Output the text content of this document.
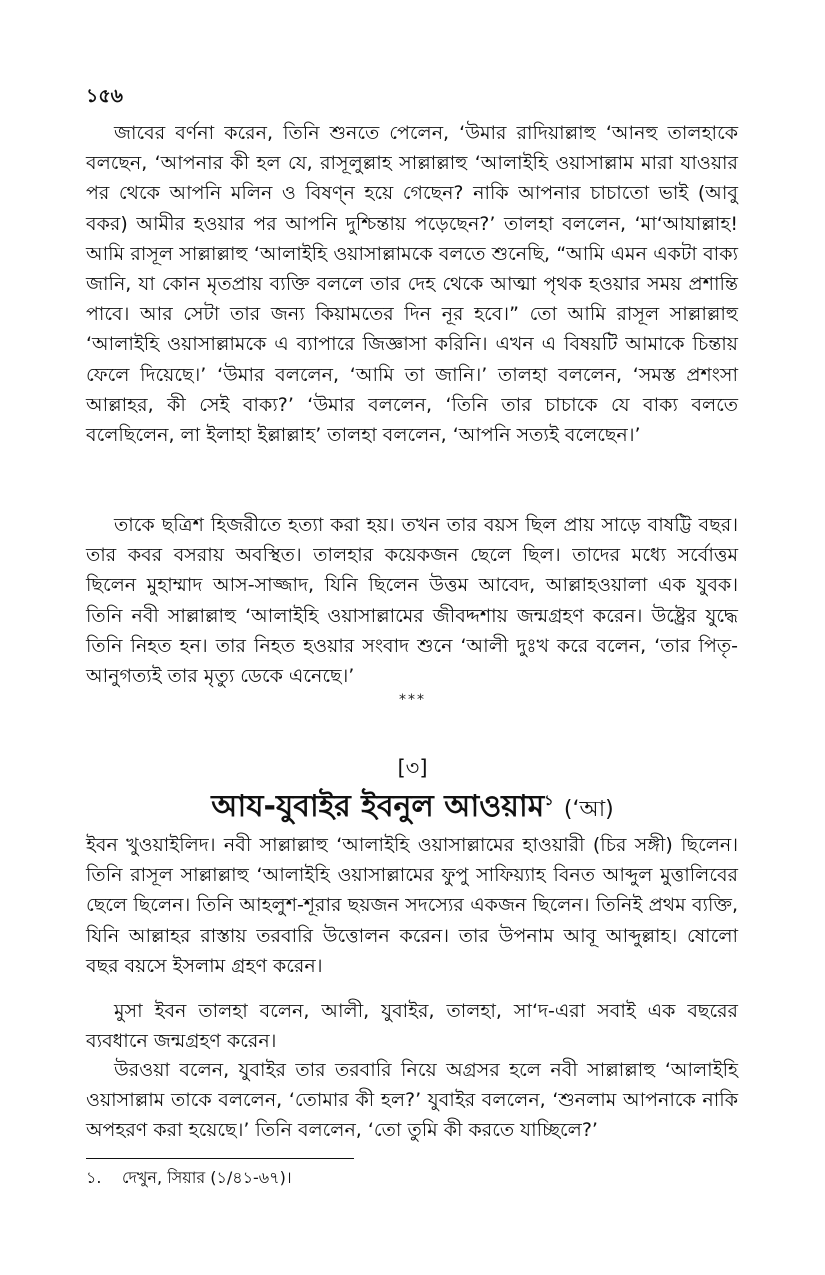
১৫৬

জাবের বর্ণনা করেন, তিনি শুনতে পেলেন, ‘উমার রাদিয়াল্লাহু ‘আনহু তালহাকে বলছেন, ‘আপনার কী হল যে, রাসূলুল্লাহ সাল্লাল্লাহু ‘আলাইহি ওয়াসাল্লাম মারা যাওয়ার পর থেকে আপনি মলিন ও বিষণ্ন হয়ে গেছেন? নাকি আপনার চাচাতো ভাই (আবু বকর) আমীর হওয়ার পর আপনি দুশ্চিন্তায় পড়েছেন?’ তালহা বললেন, ‘মা‘আযাল্লাহ! আমি রাসূল সাল্লাল্লাহু ‘আলাইহি ওয়াসাল্লামকে বলতে শুনেছি, “আমি এমন একটা বাক্য জানি, যা কোন মৃতপ্রায় ব্যক্তি বললে তার দেহ থেকে আত্মা পৃথক হওয়ার সময় প্রশান্তি পাবে। আর সেটা তার জন্য কিয়ামতের দিন নূর হবে।” তো আমি রাসূল সাল্লাল্লাহু ‘আলাইহি ওয়াসাল্লামকে এ ব্যাপারে জিজ্ঞাসা করিনি। এখন এ বিষয়টি আমাকে চিন্তায় ফেলে দিয়েছে।’ ‘উমার বললেন, ‘আমি তা জানি।’ তালহা বললেন, ‘সমস্ত প্রশংসা আল্লাহর, কী সেই বাক্য?’ ‘উমার বললেন, ‘তিনি তার চাচাকে যে বাক্য বলতে বলেছিলেন, লা ইলাহা ইল্লাল্লাহ’ তালহা বললেন, ‘আপনি সত্যই বলেছেন।’

তাকে ছত্রিশ হিজরীতে হত্যা করা হয়। তখন তার বয়স ছিল প্রায় সাড়ে বাষট্টি বছর। তার কবর বসরায় অবস্থিত। তালহার কয়েকজন ছেলে ছিল। তাদের মধ্যে সর্বোত্তম ছিলেন মুহাম্মাদ আস-সাজ্জাদ, যিনি ছিলেন উত্তম আবেদ, আল্লাহওয়ালা এক যুবক। তিনি নবী সাল্লাল্লাহু ‘আলাইহি ওয়াসাল্লামের জীবদ্দশায় জন্মগ্রহণ করেন। উষ্ট্রের যুদ্ধে তিনি নিহত হন। তার নিহত হওয়ার সংবাদ শুনে ‘আলী দুঃখ করে বলেন, ‘তার পিতৃ-আনুগত্যই তার মৃত্যু ডেকে এনেছে।’

***
[৩]
আয-যুবাইর ইবনুল আওয়াম$^১$ (‘আ)

ইবন খুওয়াইলিদ। নবী সাল্লাল্লাহু ‘আলাইহি ওয়াসাল্লামের হাওয়ারী (চির সঙ্গী) ছিলেন। তিনি রাসূল সাল্লাল্লাহু ‘আলাইহি ওয়াসাল্লামের ফুপু সাফিয়্যাহ বিনত আব্দুল মুত্তালিবের ছেলে ছিলেন। তিনি আহলুশ-শূরার ছয়জন সদস্যের একজন ছিলেন। তিনিই প্রথম ব্যক্তি, যিনি আল্লাহর রাস্তায় তরবারি উত্তোলন করেন। তার উপনাম আবূ আব্দুল্লাহ। ষোলো বছর বয়সে ইসলাম গ্রহণ করেন।

মুসা ইবন তালহা বলেন, আলী, যুবাইর, তালহা, সা‘দ-এরা সবাই এক বছরের ব্যবধানে জন্মগ্রহণ করেন।

উরওয়া বলেন, যুবাইর তার তরবারি নিয়ে অগ্রসর হলে নবী সাল্লাল্লাহু ‘আলাইহি ওয়াসাল্লাম তাকে বললেন, ‘তোমার কী হল?’ যুবাইর বললেন, ‘শুনলাম আপনাকে নাকি অপহরণ করা হয়েছে।’ তিনি বললেন, ‘তো তুমি কী করতে যাচ্ছিলে?’

১. দেখুন, সিয়ার (১/৪১-৬৭)।
